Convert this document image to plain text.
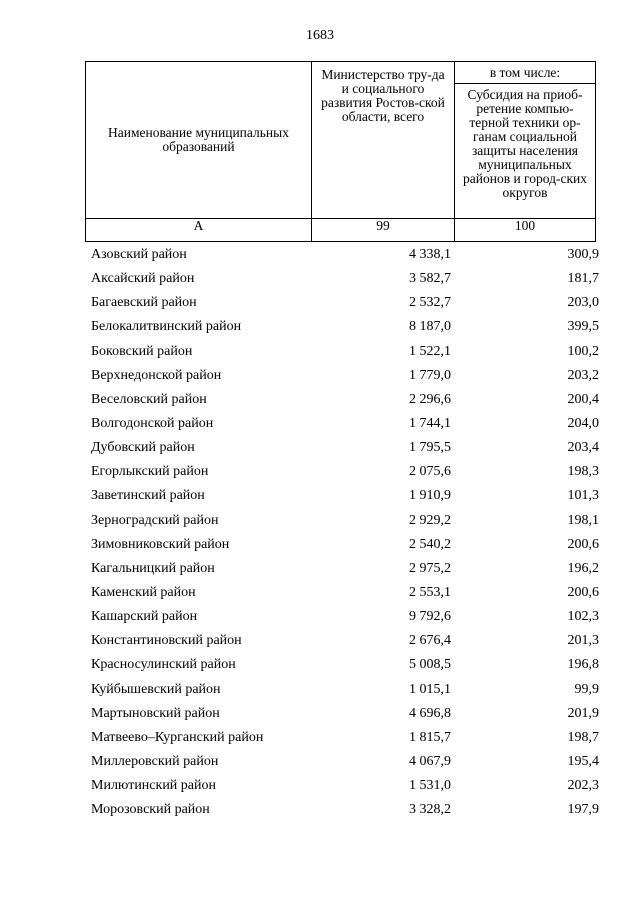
1683
Наименование муниципальных образований	Министерство тру-да и социального развития Ростов-ской области, всего	в том числе:
		Субсидия на приоб-ретение компью-терной техники ор-ганам социальной защиты населения муниципальных районов и город-ских округов
А	99	100
Азовский район	4 338,1	300,9
Аксайский район	3 582,7	181,7
Багаевский район	2 532,7	203,0
Белокалитвинский район	8 187,0	399,5
Боковский район	1 522,1	100,2
Верхнедонской район	1 779,0	203,2
Веселовский район	2 296,6	200,4
Волгодонской район	1 744,1	204,0
Дубовский район	1 795,5	203,4
Егорлыкский район	2 075,6	198,3
Заветинский район	1 910,9	101,3
Зерноградский район	2 929,2	198,1
Зимовниковский район	2 540,2	200,6
Кагальницкий район	2 975,2	196,2
Каменский район	2 553,1	200,6
Кашарский район	9 792,6	102,3
Константиновский район	2 676,4	201,3
Красносулинский район	5 008,5	196,8
Куйбышевский район	1 015,1	99,9
Мартыновский район	4 696,8	201,9
Матвеево–Курганский район	1 815,7	198,7
Миллеровский район	4 067,9	195,4
Милютинский район	1 531,0	202,3
Морозовский район	3 328,2	197,9
